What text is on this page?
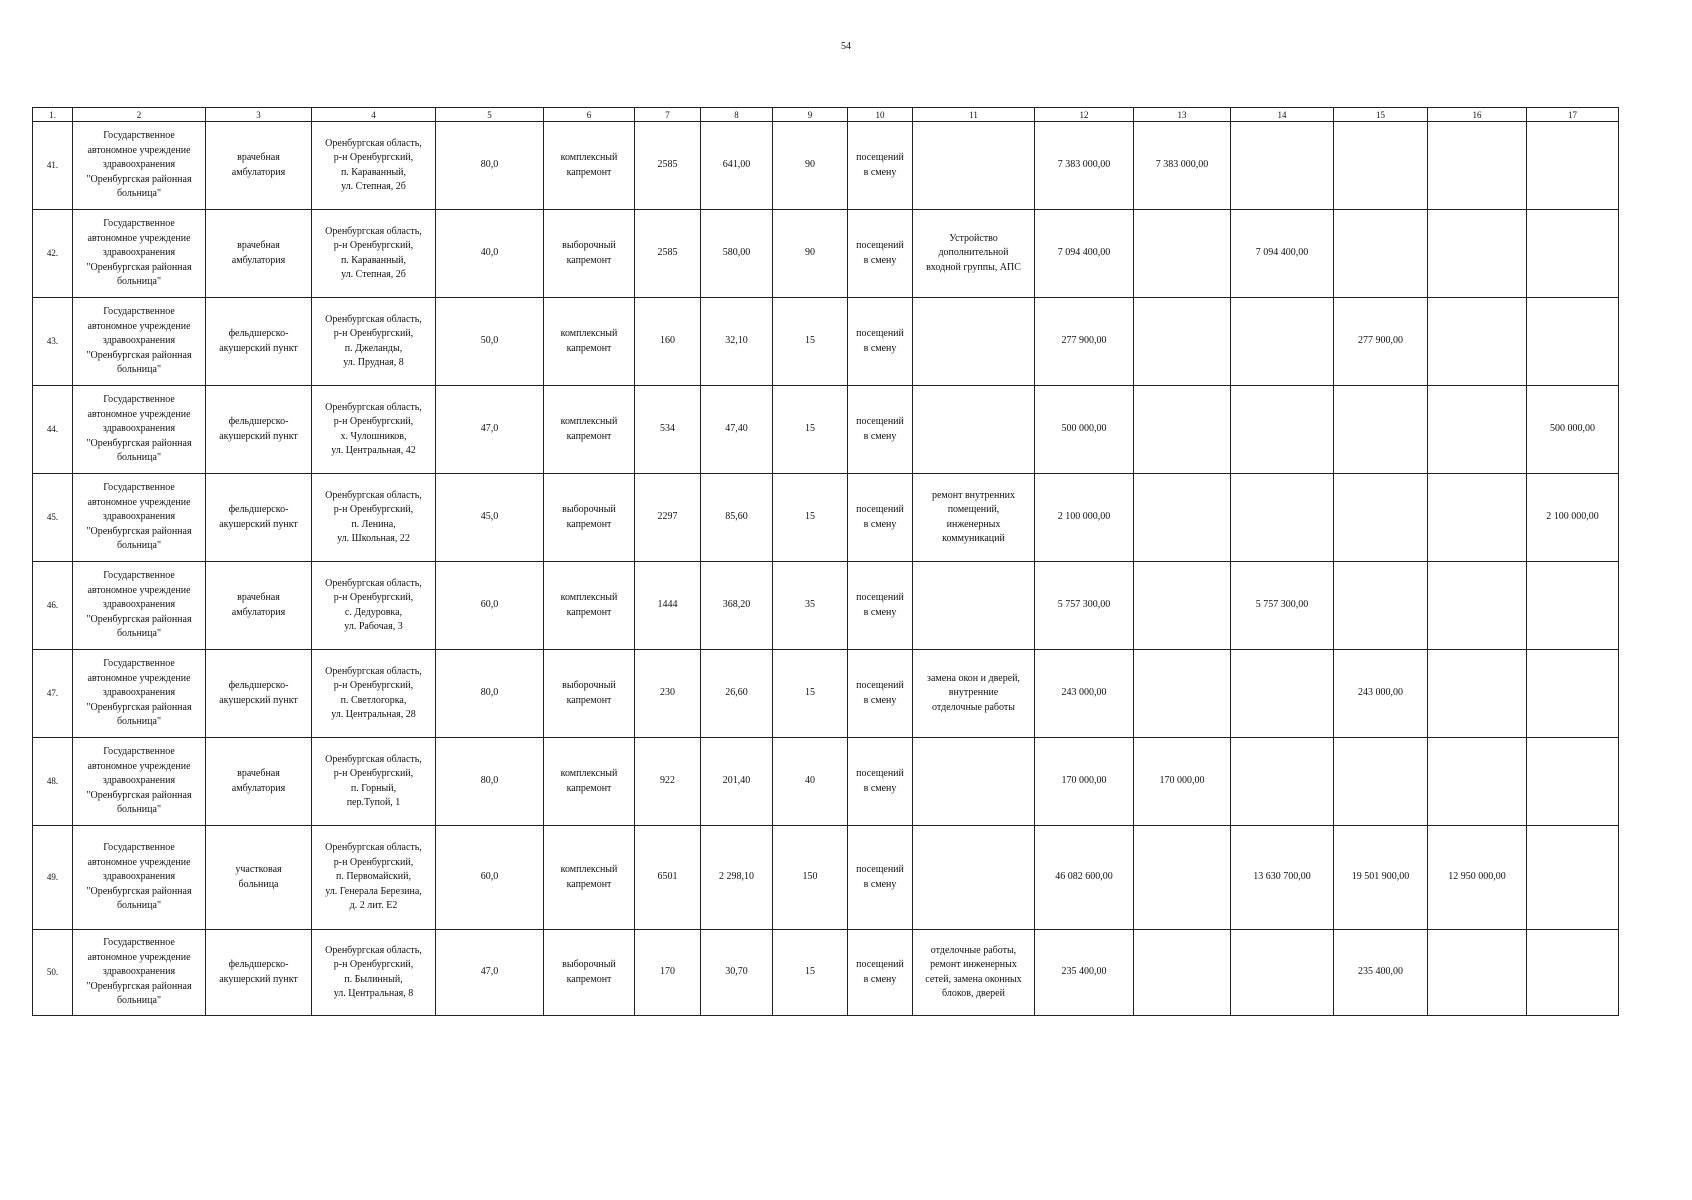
54
1.	2	3	4	5	6	7	8	9	10	11	12	13	14	15	16	17
41.	Государственное
автономное учреждение
здравоохранения
"Оренбургская районная
больница"	врачебная
амбулатория	Оренбургская область,
р-н Оренбургский,
п. Караванный,
ул. Степная, 2б	80,0	комплексный
капремонт	2585	641,00	90	посещений
в смену		7 383 000,00	7 383 000,00				
42.	Государственное
автономное учреждение
здравоохранения
"Оренбургская районная
больница"	врачебная
амбулатория	Оренбургская область,
р-н Оренбургский,
п. Караванный,
ул. Степная, 2б	40,0	выборочный
капремонт	2585	580,00	90	посещений
в смену	Устройство
дополнительной
входной группы, АПС	7 094 400,00		7 094 400,00			
43.	Государственное
автономное учреждение
здравоохранения
"Оренбургская районная
больница"	фельдшерско-
акушерский пункт	Оренбургская область,
р-н Оренбургский,
п. Джеланды,
ул. Прудная, 8	50,0	комплексный
капремонт	160	32,10	15	посещений
в смену		277 900,00			277 900,00		
44.	Государственное
автономное учреждение
здравоохранения
"Оренбургская районная
больница"	фельдшерско-
акушерский пункт	Оренбургская область,
р-н Оренбургский,
х. Чулошников,
ул. Центральная, 42	47,0	комплексный
капремонт	534	47,40	15	посещений
в смену		500 000,00					500 000,00
45.	Государственное
автономное учреждение
здравоохранения
"Оренбургская районная
больница"	фельдшерско-
акушерский пункт	Оренбургская область,
р-н Оренбургский,
п. Ленина,
ул. Школьная, 22	45,0	выборочный
капремонт	2297	85,60	15	посещений
в смену	ремонт внутренних
помещений,
инженерных
коммуникаций	2 100 000,00					2 100 000,00
46.	Государственное
автономное учреждение
здравоохранения
"Оренбургская районная
больница"	врачебная
амбулатория	Оренбургская область,
р-н Оренбургский,
с. Дедуровка,
ул. Рабочая, 3	60,0	комплексный
капремонт	1444	368,20	35	посещений
в смену		5 757 300,00		5 757 300,00			
47.	Государственное
автономное учреждение
здравоохранения
"Оренбургская районная
больница"	фельдшерско-
акушерский пункт	Оренбургская область,
р-н Оренбургский,
п. Светлогорка,
ул. Центральная, 28	80,0	выборочный
капремонт	230	26,60	15	посещений
в смену	замена окон и дверей,
внутренние
отделочные работы	243 000,00			243 000,00		
48.	Государственное
автономное учреждение
здравоохранения
"Оренбургская районная
больница"	врачебная
амбулатория	Оренбургская область,
р-н Оренбургский,
п. Горный,
пер.Тупой, 1	80,0	комплексный
капремонт	922	201,40	40	посещений
в смену		170 000,00	170 000,00				
49.	Государственное
автономное учреждение
здравоохранения
"Оренбургская районная
больница"	участковая
больница	Оренбургская область,
р-н Оренбургский,
п. Первомайский,
ул. Генерала Березина,
д. 2 лит. Е2	60,0	комплексный
капремонт	6501	2 298,10	150	посещений
в смену		46 082 600,00		13 630 700,00	19 501 900,00	12 950 000,00	
50.	Государственное
автономное учреждение
здравоохранения
"Оренбургская районная
больница"	фельдшерско-
акушерский пункт	Оренбургская область,
р-н Оренбургский,
п. Былинный,
ул. Центральная, 8	47,0	выборочный
капремонт	170	30,70	15	посещений
в смену	отделочные работы,
ремонт инженерных
сетей, замена оконных
блоков, дверей	235 400,00			235 400,00		
